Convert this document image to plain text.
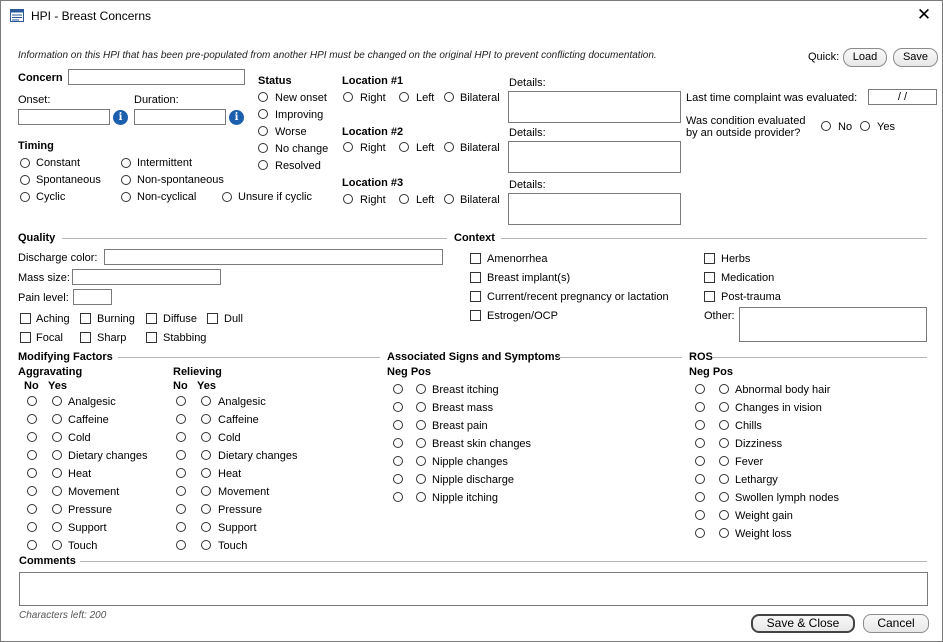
HPI - Breast Concerns	✕
Information on this HPI that has been pre-populated from another HPI must be changed on the original HPI to prevent conflicting documentation.	Quick:	Load	Save
Concern
Onset:
i
Duration:
i
Timing
Constant	Intermittent
Spontaneous	Non-spontaneous
Cyclic	Non-cyclical	Unsure if cyclic
Status
New onset
Improving
Worse
No change
Resolved
Location #1
Right	Left Bilateral
Details:
Location #2
Right	Left Bilateral
Details:
Location #3
Right	Left Bilateral
Details:
Last time complaint was evaluated:	/ /
Was condition evaluated
by an outside provider?	No Yes
Quality
Discharge color:
Mass size:
Pain level:
Aching Burning	Diffuse Dull
Focal	Sharp	Stabbing
Context
Amenorrhea
Breast implant(s)
Current/recent pregnancy or lactation
Estrogen/OCP
Herbs
Medication
Post-trauma
Other:
Modifying Factors
Aggravating
No Yes
Relieving
No Yes
Analgesic
Caffeine
Cold
Dietary changes
Heat
Movement
Pressure
Support
Touch
Analgesic
Caffeine
Cold
Dietary changes
Heat
Movement
Pressure
Support
Touch
Associated Signs and Symptoms
Neg Pos
Breast itching
Breast mass
Breast pain
Breast skin changes
Nipple changes
Nipple discharge
Nipple itching
ROS
Neg Pos
Abnormal body hair
Changes in vision
Chills
Dizziness
Fever
Lethargy
Swollen lymph nodes
Weight gain
Weight loss
Comments
Characters left: 200
Save & Close	Cancel
